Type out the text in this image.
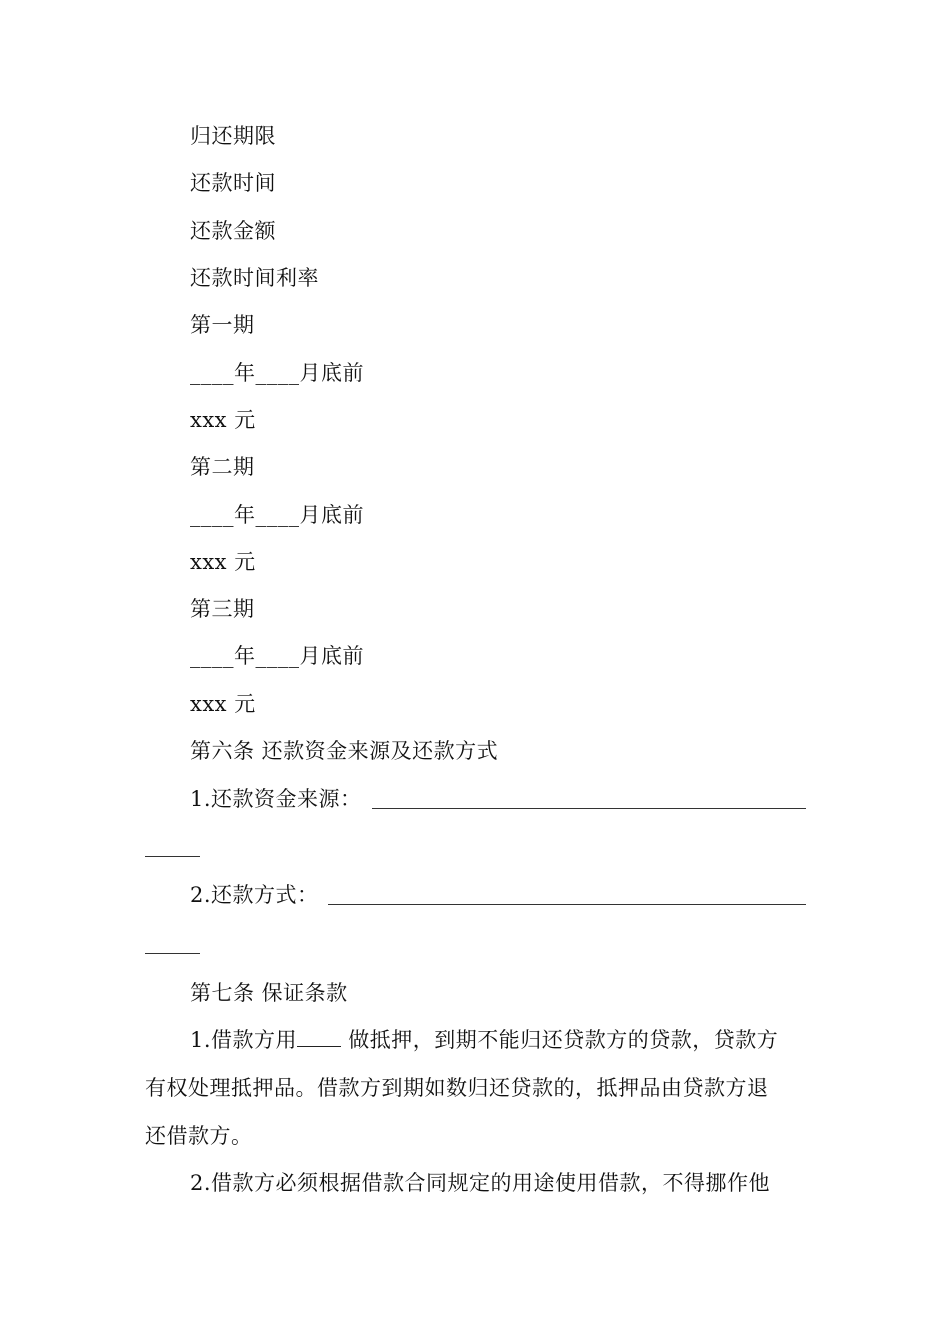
归还期限
还款时间
还款金额
还款时间利率
第一期
____年____月底前
xxx 元
第二期
____年____月底前
xxx 元
第三期
____年____月底前
xxx 元
第六条 还款资金来源及还款方式
1.还款资金来源：
2.还款方式：
第七条 保证条款
1.借款方用 做抵押，到期不能归还贷款方的贷款，贷款方
有权处理抵押品。借款方到期如数归还贷款的，抵押品由贷款方退
还借款方。
2.借款方必须根据借款合同规定的用途使用借款，不得挪作他
